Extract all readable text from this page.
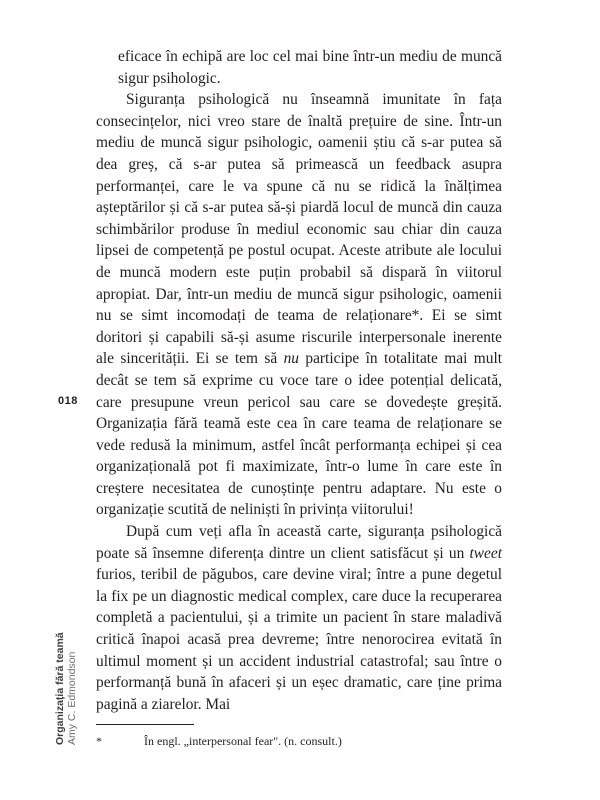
eficace în echipă are loc cel mai bine într-un mediu de muncă sigur psihologic.

Siguranța psihologică nu înseamnă imunitate în fața consecințelor, nici vreo stare de înaltă prețuire de sine. Într-un mediu de muncă sigur psihologic, oamenii știu că s-ar putea să dea greș, că s-ar putea să primească un feedback asupra performanței, care le va spune că nu se ridică la înălțimea așteptărilor și că s-ar putea să-și piardă locul de muncă din cauza schimbărilor produse în mediul economic sau chiar din cauza lipsei de competență pe postul ocupat. Aceste atribute ale locului de muncă modern este puțin probabil să dispară în viitorul apropiat. Dar, într-un mediu de muncă sigur psihologic, oamenii nu se simt incomodați de teama de relaționare*. Ei se simt doritori și capabili să-și asume riscurile interpersonale inerente ale sincerității. Ei se tem să nu participe în totalitate mai mult decât se tem să exprime cu voce tare o idee potențial delicată, care presupune vreun pericol sau care se dovedește greșită. Organizația fără teamă este cea în care teama de relaționare se vede redusă la minimum, astfel încât performanța echipei și cea organizațională pot fi maximizate, într-o lume în care este în creștere necesitatea de cunoștințe pentru adaptare. Nu este o organizație scutită de neliniști în privința viitorului!

După cum veți afla în această carte, siguranța psihologică poate să însemne diferența dintre un client satisfăcut și un tweet furios, teribil de păgubos, care devine viral; între a pune degetul la fix pe un diagnostic medical complex, care duce la recuperarea completă a pacientului, și a trimite un pacient în stare maladivă critică înapoi acasă prea devreme; între nenorocirea evitată în ultimul moment și un accident industrial catastrofal; sau între o performanță bună în afaceri și un eșec dramatic, care ține prima pagină a ziarelor. Mai

018
Organizația fără teamă Amy C. Edmondson *	În engl. „interpersonal fear". (n. consult.)
